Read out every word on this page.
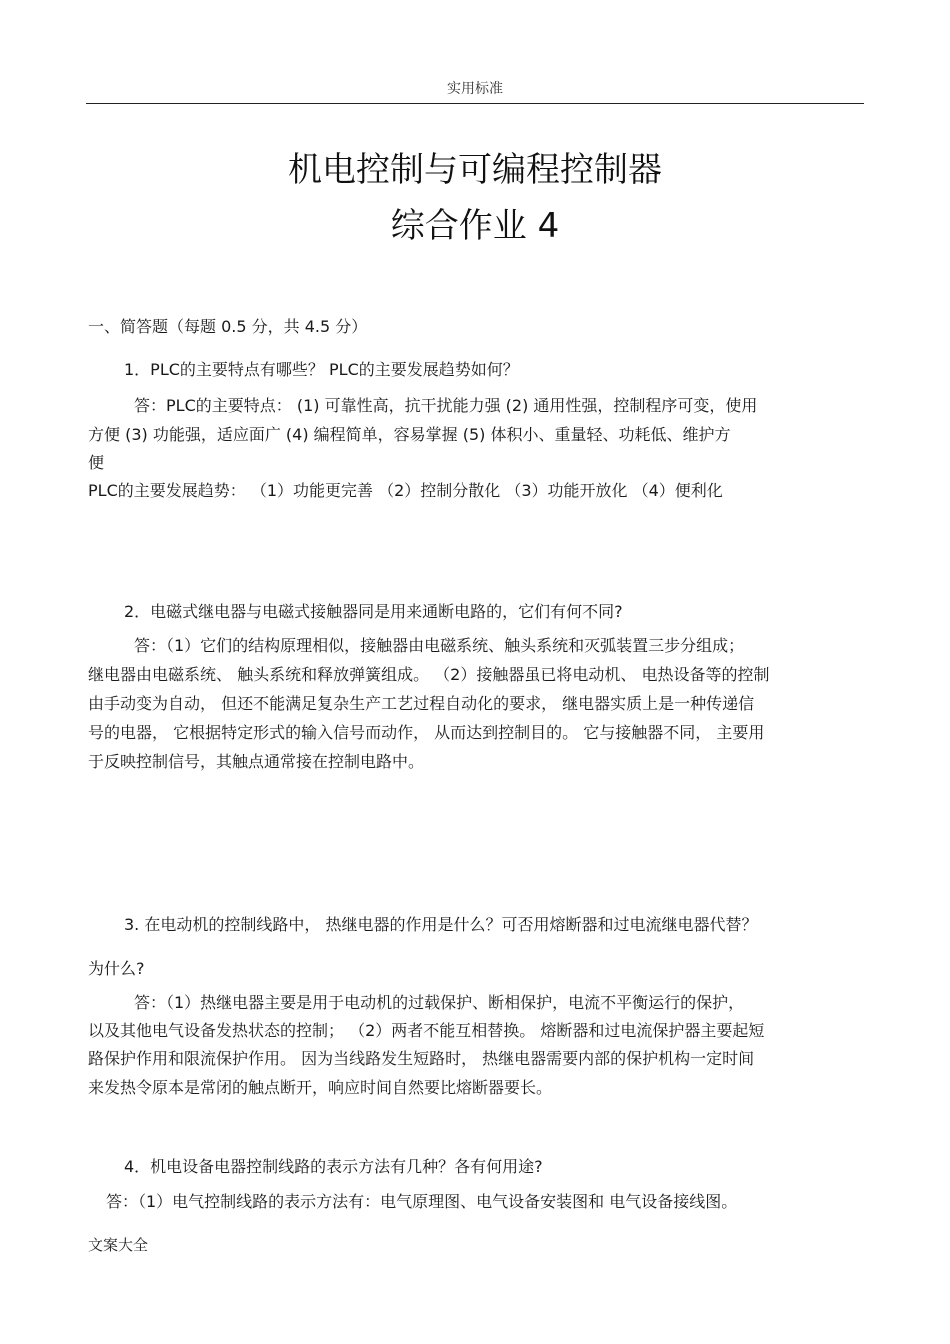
实用标准
机电控制与可编程控制器
综合作业 4
一、简答题（每题 0.5 分，共 4.5 分）
1．PLC的主要特点有哪些？ PLC的主要发展趋势如何？
答：PLC的主要特点： (1) 可靠性高，抗干扰能力强 (2) 通用性强，控制程序可变，使用
方便 (3) 功能强，适应面广 (4) 编程简单，容易掌握 (5) 体积小、重量轻、功耗低、维护方
便
PLC的主要发展趋势： （1）功能更完善 （2）控制分散化 （3）功能开放化 （4）便利化
2．电磁式继电器与电磁式接触器同是用来通断电路的，它们有何不同?
答：（1）它们的结构原理相似，接触器由电磁系统、触头系统和灭弧装置三步分组成；
继电器由电磁系统、 触头系统和释放弹簧组成。 （2）接触器虽已将电动机、 电热设备等的控制
由手动变为自动， 但还不能满足复杂生产工艺过程自动化的要求， 继电器实质上是一种传递信
号的电器， 它根据特定形式的输入信号而动作， 从而达到控制目的。 它与接触器不同， 主要用
于反映控制信号，其触点通常接在控制电路中。
3. 在电动机的控制线路中， 热继电器的作用是什么？可否用熔断器和过电流继电器代替？
为什么?
答：（1）热继电器主要是用于电动机的过载保护、断相保护，电流不平衡运行的保护，
以及其他电气设备发热状态的控制； （2）两者不能互相替换。 熔断器和过电流保护器主要起短
路保护作用和限流保护作用。 因为当线路发生短路时， 热继电器需要内部的保护机构一定时间
来发热令原本是常闭的触点断开，响应时间自然要比熔断器要长。
4．机电设备电器控制线路的表示方法有几种？各有何用途?
答：（1）电气控制线路的表示方法有：电气原理图、电气设备安装图和 电气设备接线图。
文案大全
